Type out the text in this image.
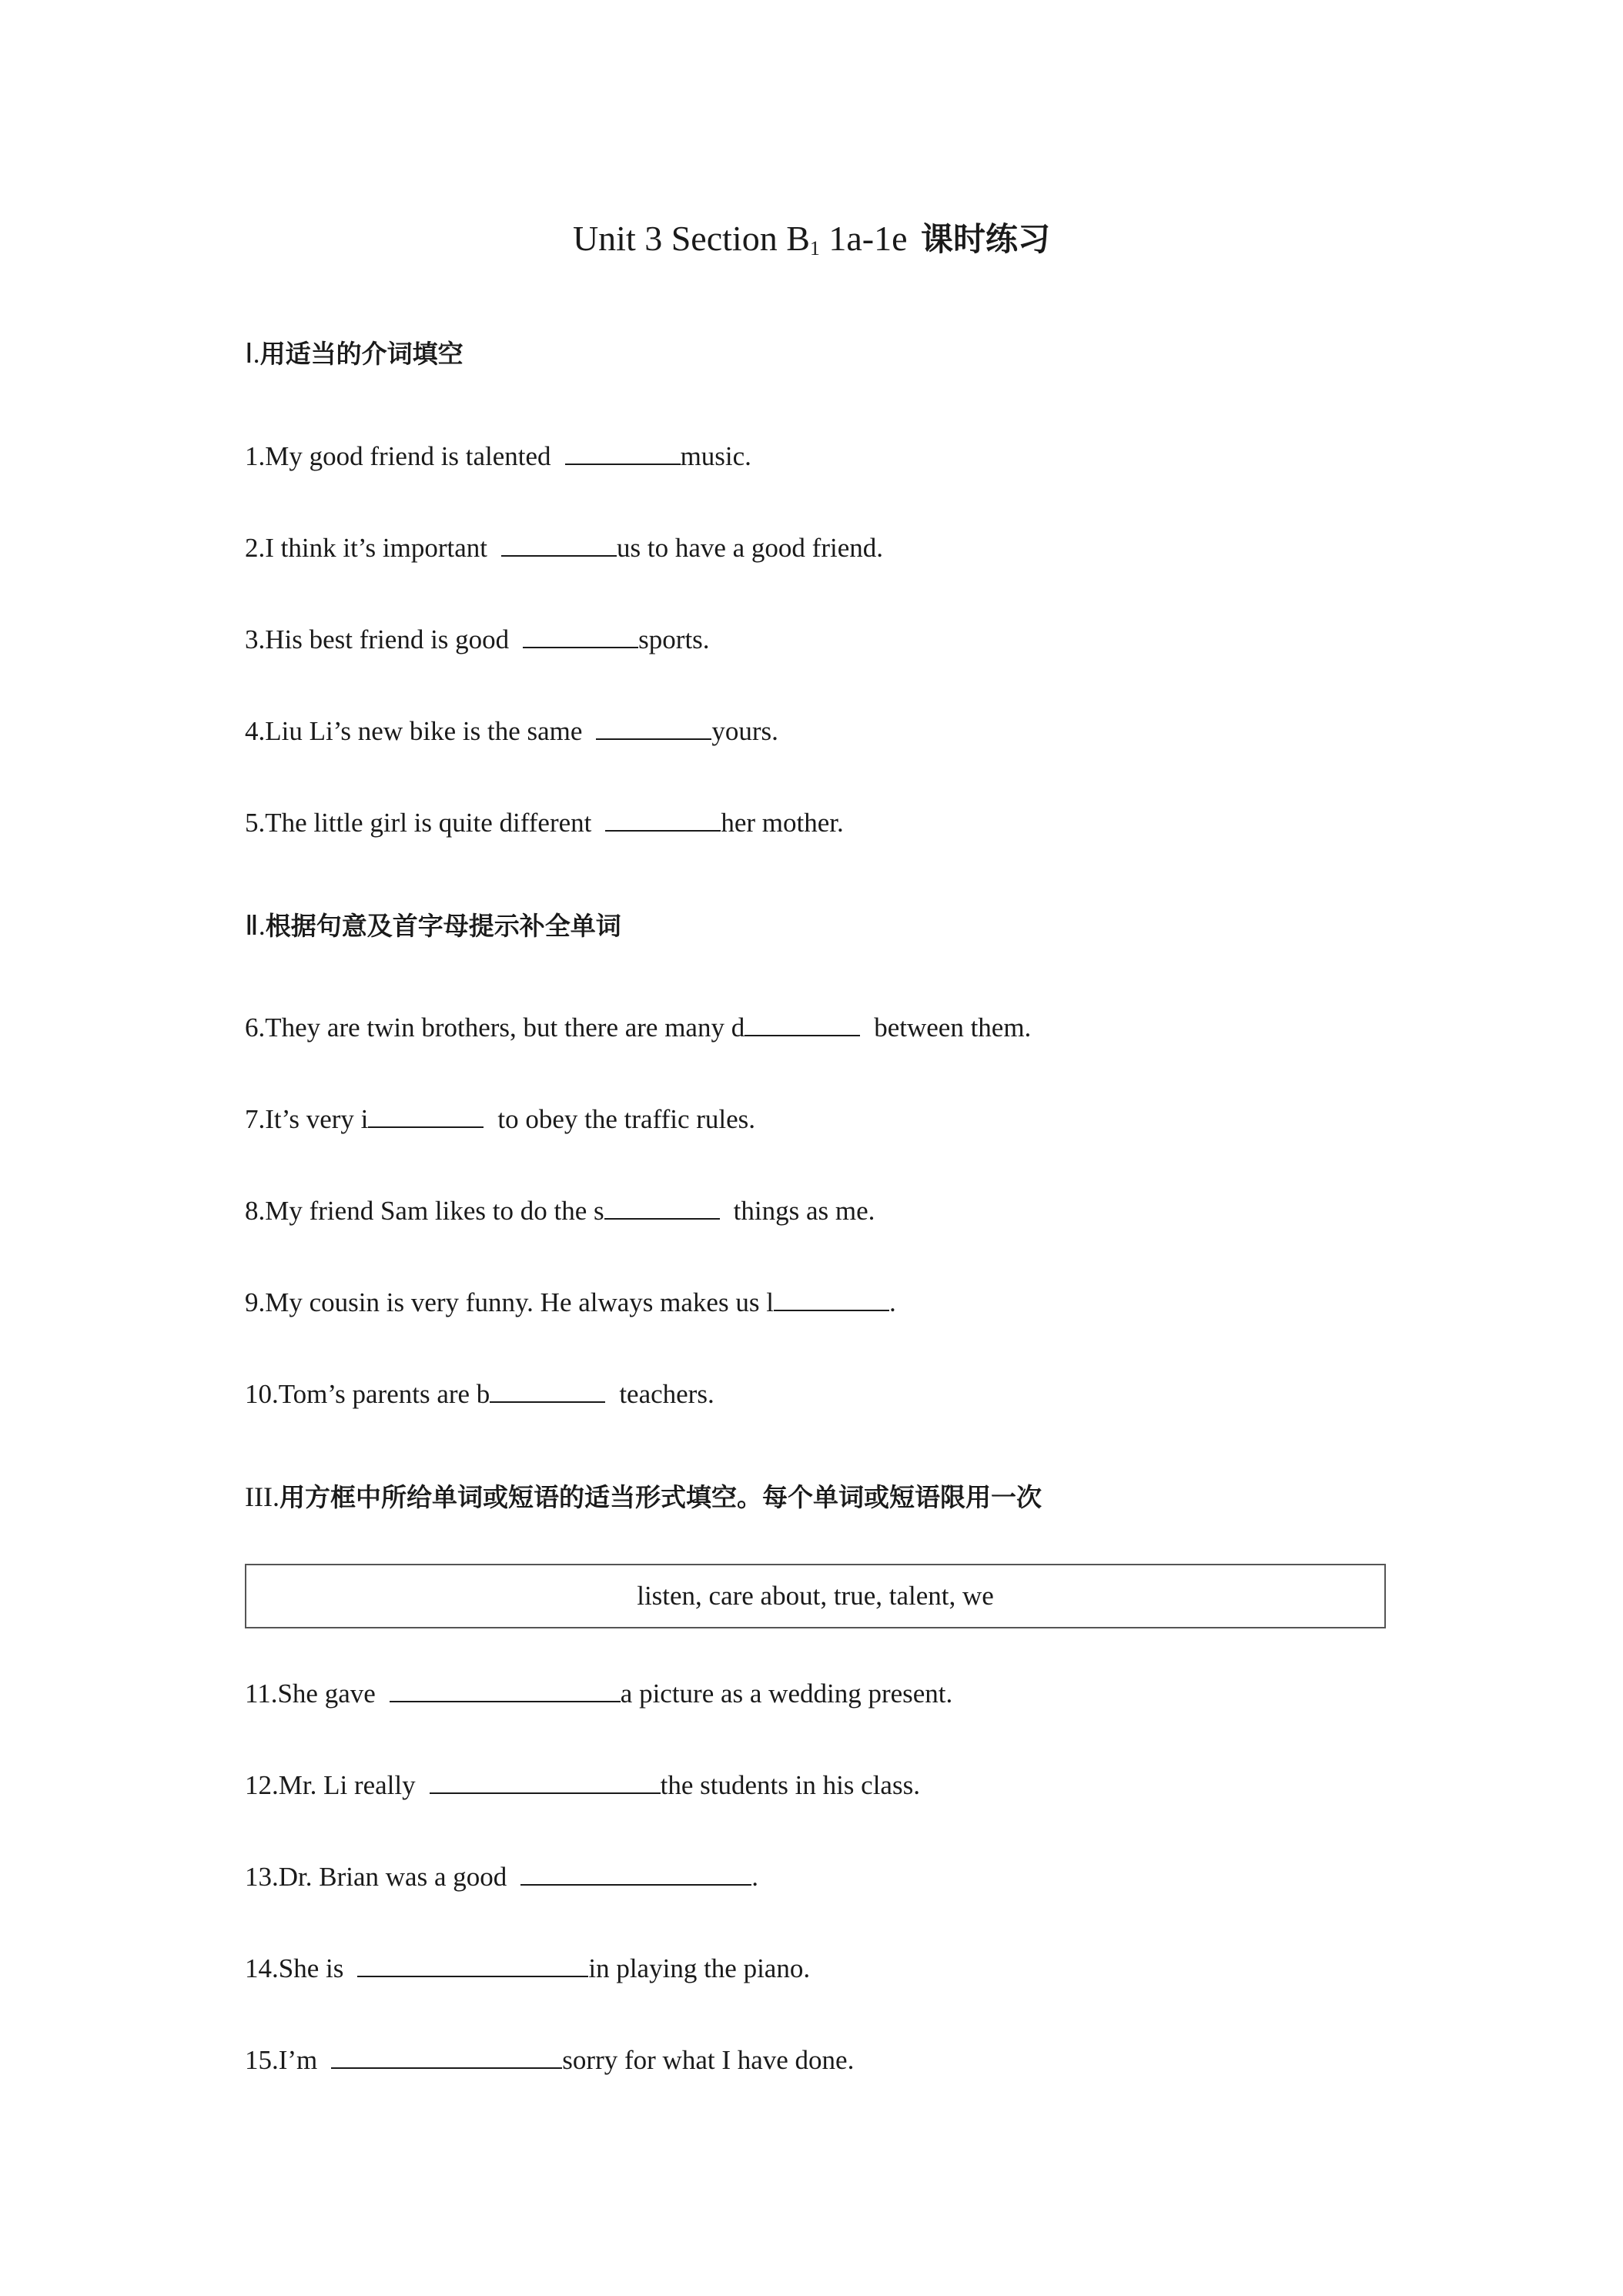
Unit 3 Section $B_1$ 1a-1e 课时练习
Ⅰ.用适当的介词填空
1.My good friend is talented	music.
2.I think it’s important	us to have a good friend.
3.His best friend is good	sports.
4.Liu Li’s new bike is the same	yours.
5.The little girl is quite different	her mother.
Ⅱ.根据句意及首字母提示补全单词
6.They are twin brothers, but there are many d	between them.
7.It’s very i	to obey the traffic rules.
8.My friend Sam likes to do the s	things as me.
9.My cousin is very funny. He always makes us l	.
10.Tom’s parents are b	teachers.
III.用方框中所给单词或短语的适当形式填空。每个单词或短语限用一次
listen, care about, true, talent, we
11.She gave	a picture as a wedding present.
12.Mr. Li really	the students in his class.
13.Dr. Brian was a good	.
14.She is	in playing the piano.
15.I’m	sorry for what I have done.
